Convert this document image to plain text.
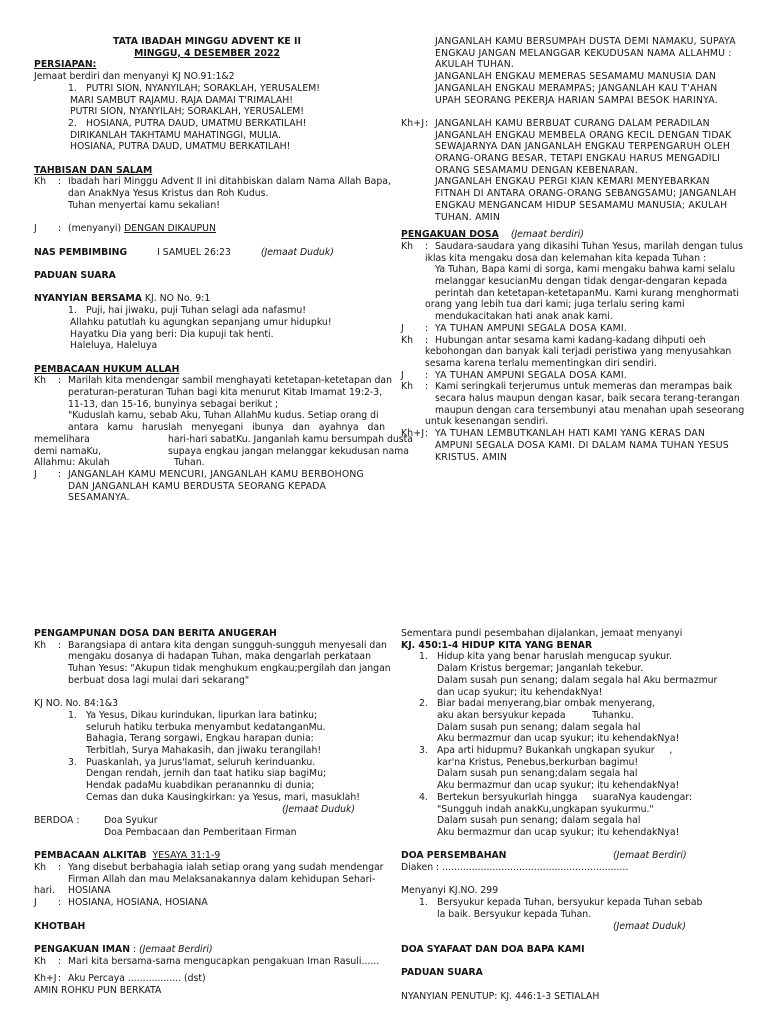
TATA IBADAH MINGGU ADVENT KE II
MINGGU, 4 DESEMBER 2022
PERSIAPAN:
Jemaat berdiri dan menyanyi KJ NO.91:1&2
1. PUTRI SION, NYANYILAH; SORAKLAH, YERUSALEM!
MARI SAMBUT RAJAMU. RAJA DAMAI T'RIMALAH!
PUTRI SION, NYANYILAH; SORAKLAH, YERUSALEM!
2. HOSIANA, PUTRA DAUD, UMATMU BERKATILAH!
DIRIKANLAH TAKHTAMU MAHATINGGI, MULIA.
HOSIANA, PUTRA DAUD, UMATMU BERKATILAH!
TAHBISAN DAN SALAM
Kh	: Ibadah hari Minggu Advent II ini ditahbiskan dalam Nama Allah Bapa,
dan AnakNya Yesus Kristus dan Roh Kudus.
Tuhan menyertai kamu sekalian!
J	: (menyanyi)
DENGAN DIKAUPUN
NAS PEMBIMBING	I SAMUEL 26:23	(Jemaat Duduk)
PADUAN SUARA
NYANYIAN BERSAMA KJ. NO No. 9:1
1. Puji, hai jiwaku, puji Tuhan selagi ada nafasmu!
Allahku patutlah ku agungkan sepanjang umur hidupku!
Hayatku Dia yang beri: Dia kupuji tak henti.
Haleluya, Haleluya
PEMBACAAN HUKUM ALLAH
Kh	: Marilah kita mendengar sambil menghayati ketetapan-ketetapan dan
peraturan-peraturan Tuhan bagi kita menurut Kitab Imamat 19:2-3,
11-13, dan 15-16, bunyinya sebagai berikut ;
"Kuduslah kamu, sebab Aku, Tuhan AllahMu kudus. Setiap orang di
antara   kamu   haruslah   menyegani   ibunya   dan   ayahnya   dan
memelihara	hari-hari sabatKu. Janganlah kamu bersumpah dusta
demi namaKu,	supaya engkau jangan melanggar kekudusan nama
Allahmu: Akulah	Tuhan.
J	: JANGANLAH KAMU MENCURI, JANGANLAH KAMU BERBOHONG
DAN JANGANLAH KAMU BERDUSTA SEORANG KEPADA
SESAMANYA.
JANGANLAH KAMU BERSUMPAH DUSTA DEMI NAMAKU, SUPAYA
ENGKAU JANGAN MELANGGAR KEKUDUSAN NAMA ALLAHMU :
AKULAH TUHAN.
JANGANLAH ENGKAU MEMERAS SESAMAMU MANUSIA DAN
JANGANLAH ENGKAU MERAMPAS; JANGANLAH KAU T'AHAN
UPAH SEORANG PEKERJA HARIAN SAMPAI BESOK HARINYA.
Kh+J : JANGANLAH KAMU BERBUAT CURANG DALAM PERADILAN
JANGANLAH ENGKAU MEMBELA ORANG KECIL DENGAN TIDAK
SEWAJARNYA DAN JANGANLAH ENGKAU TERPENGARUH OLEH
ORANG-ORANG BESAR, TETAPI ENGKAU HARUS MENGADILI
ORANG SESAMAMU DENGAN KEBENARAN.
JANGANLAH ENGKAU PERGI KIAN KEMARI MENYEBARKAN
FITNAH DI ANTARA ORANG-ORANG SEBANGSAMU; JANGANLAH
ENGKAU MENGANCAM HIDUP SESAMAMU MANUSIA; AKULAH
TUHAN. AMIN
PENGAKUAN DOSA (Jemaat berdiri)
Kh	: Saudara-saudara yang dikasihi Tuhan Yesus, marilah dengan tulus
iklas kita mengaku dosa dan kelemahan kita kepada Tuhan :
Ya Tuhan, Bapa kami di sorga, kami mengaku bahwa kami selalu
melanggar kesucianMu dengan tidak dengar-dengaran kepada
perintah dan ketetapan-ketetapanMu. Kami kurang menghormati
orang yang lebih tua dari kami; juga terlalu sering kami
mendukacitakan hati anak anak kami.
J	: YA TUHAN AMPUNI SEGALA DOSA KAMI.
Kh	: Hubungan antar sesama kami kadang-kadang dihputi oeh
kebohongan dan banyak kali terjadi peristiwa yang menyusahkan
sesama karena terlalu mementingkan diri sendiri.
J	: YA TUHAN AMPUNI SEGALA DOSA KAMI.
Kh	: Kami seringkali terjerumus untuk memeras dan merampas baik
secara halus maupun dengan kasar, baik secara terang-terangan
maupun dengan cara tersembunyi atau menahan upah seseorang
untuk kesenangan sendiri.
Kh+J : YA TUHAN LEMBUTKANLAH HATI KAMI YANG KERAS DAN
AMPUNI SEGALA DOSA KAMI. DI DALAM NAMA TUHAN YESUS
KRISTUS. AMIN
PENGAMPUNAN DOSA DAN BERITA ANUGERAH
Kh	: Barangsiapa di antara kita dengan sungguh-sungguh menyesali dan
mengaku dosanya di hadapan Tuhan, maka dengarlah perkataan
Tuhan Yesus: "Akupun tidak menghukum engkau;pergilah dan jangan
berbuat dosa lagi mulai dari sekarang"
KJ NO. No. 84:1&3
1. Ya Yesus, Dikau kurindukan, lipurkan lara batinku;
seluruh hatiku terbuka menyambut kedatanganMu.
Bahagia, Terang sorgawi, Engkau harapan dunia:
Terbitlah, Surya Mahakasih, dan jiwaku terangilah!
3. Puaskanlah, ya Jurus'lamat, seluruh kerinduanku.
Dengan rendah, jernih dan taat hatiku siap bagiMu;
Hendak padaMu kuabdikan peranannku di dunia;
Cemas dan duka Kausingkirkan: ya Yesus, mari, masuklah!
(Jemaat Duduk)
BERDOA :	Doa Syukur
Doa Pembacaan dan Pemberitaan Firman
PEMBACAAN ALKITAB YESAYA 31:1-9
Kh	: Yang disebut berbahagia ialah setiap orang yang sudah mendengar
Firman Allah dan mau Melaksanakannya dalam kehidupan Sehari-
hari. HOSIANA
J	: HOSIANA, HOSIANA, HOSIANA
KHOTBAH
PENGAKUAN IMAN : (Jemaat Berdiri)
Kh	: Mari kita bersama-sama mengucapkan pengakuan Iman Rasuli......
Kh+J : Aku Percaya .................. (dst)
AMIN ROHKU PUN BERKATA
Sementara pundi pesembahan dijalankan, jemaat menyanyi
KJ. 450:1-4 HIDUP KITA YANG BENAR
1. Hidup kita yang benar haruslah mengucap syukur.
Dalam Kristus bergemar; Janganlah tekebur.
Dalam susah pun senang; dalam segala hal Aku bermazmur
dan ucap syukur; itu kehendakNya!
2. Biar badai menyerang,biar ombak menyerang,
aku akan bersyukur kepada         Tuhanku.
Dalam susah pun senang; dalam segala hal
Aku bermazmur dan ucap syukur; itu kehendakNya!
3. Apa arti hidupmu? Bukankah ungkapan syukur     ,
kar'na Kristus, Penebus,berkurban bagimu!
Dalam susah pun senang;dalam segala hal
Aku bermazmur dan ucap syukur; itu kehendakNya!
4. Bertekun bersyukurlah hingga     suaraNya kaudengar:
"Sungguh indah anakKu,ungkapan syukurmu."
Dalam susah pun senang; dalam segala hal
Aku bermazmur dan ucap syukur; itu kehendakNya!
DOA PERSEMBAHAN	(Jemaat Berdiri)
Diaken : ...............................................................
Menyanyi KJ.NO. 299
1. Bersyukur kepada Tuhan, bersyukur kepada Tuhan sebab
la baik. Bersyukur kepada Tuhan.
(Jemaat Duduk)
DOA SYAFAAT DAN DOA BAPA KAMI
PADUAN SUARA
NYANYIAN PENUTUP: KJ. 446:1-3 SETIALAH
